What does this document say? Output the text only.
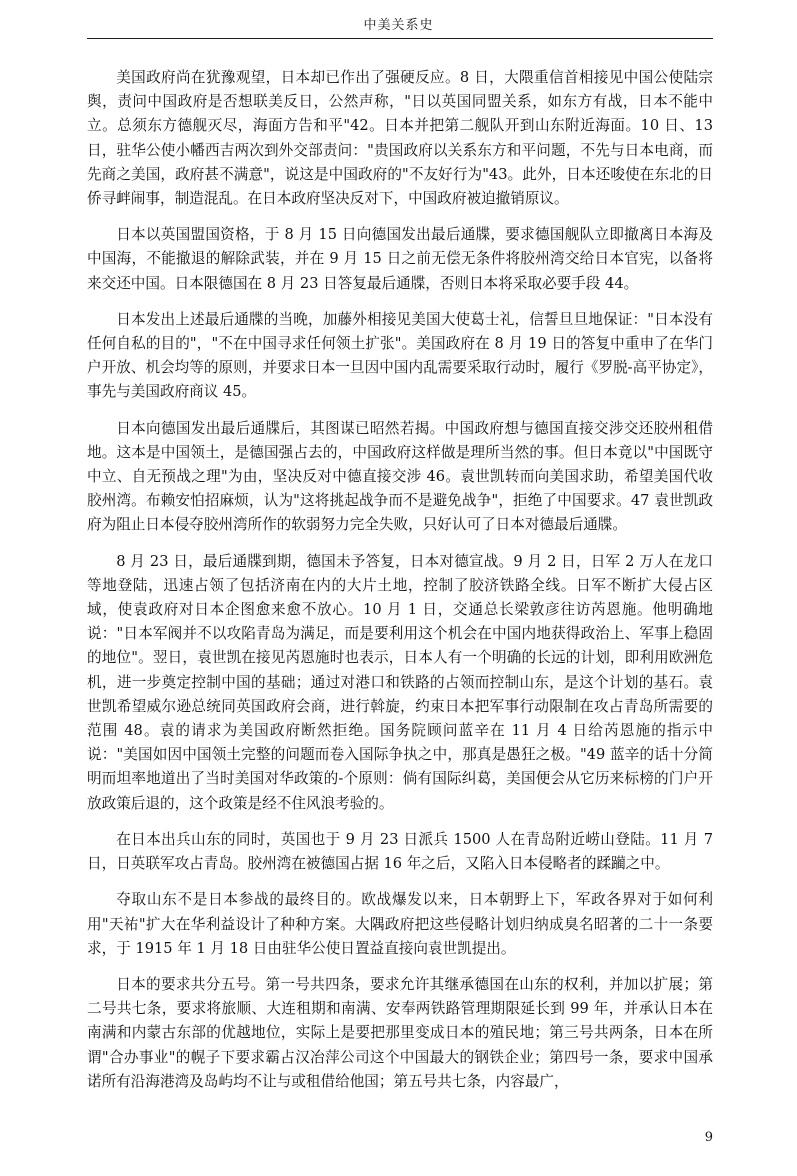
中美关系史

美国政府尚在犹豫观望，日本却已作出了强硬反应。8 日，大隈重信首相接见中国公使陆宗舆，责问中国政府是否想联美反日，公然声称，"日以英国同盟关系，如东方有战，日本不能中立。总须东方德舰灭尽，海面方告和平"42。日本并把第二舰队开到山东附近海面。10 日、13 日，驻华公使小幡西吉两次到外交部责问："贵国政府以关系东方和平问题，不先与日本电商，而先商之美国，政府甚不满意"，说这是中国政府的"不友好行为"43。此外，日本还唆使在东北的日侨寻衅闹事，制造混乱。在日本政府坚决反对下，中国政府被迫撤销原议。

日本以英国盟国资格，于 8 月 15 日向德国发出最后通牒，要求德国舰队立即撤离日本海及中国海，不能撤退的解除武装，并在 9 月 15 日之前无偿无条件将胶州湾交给日本官宪，以备将来交还中国。日本限德国在 8 月 23 日答复最后通牒，否则日本将采取必要手段 44。

日本发出上述最后通牒的当晚，加藤外相接见美国大使葛士礼，信誓旦旦地保证："日本没有任何自私的目的"，"不在中国寻求任何领土扩张"。美国政府在 8 月 19 日的答复中重申了在华门户开放、机会均等的原则，并要求日本一旦因中国内乱需要采取行动时，履行《罗脱-高平协定》，事先与美国政府商议 45。

日本向德国发出最后通牒后，其图谋已昭然若揭。中国政府想与德国直接交涉交还胶州租借地。这本是中国领土，是德国强占去的，中国政府这样做是理所当然的事。但日本竟以"中国既守中立、自无预战之理"为由，坚决反对中德直接交涉 46。袁世凯转而向美国求助，希望美国代收胶州湾。布赖安怕招麻烦，认为"这将挑起战争而不是避免战争"，拒绝了中国要求。47 袁世凯政府为阻止日本侵夺胶州湾所作的软弱努力完全失败，只好认可了日本对德最后通牒。

8 月 23 日，最后通牒到期，德国未予答复，日本对德宣战。9 月 2 日，日军 2 万人在龙口等地登陆，迅速占领了包括济南在内的大片土地，控制了胶济铁路全线。日军不断扩大侵占区域，使袁政府对日本企图愈来愈不放心。10 月 1 日，交通总长梁敦彦往访芮恩施。他明确地说："日本军阀并不以攻陷青岛为满足，而是要利用这个机会在中国内地获得政治上、军事上稳固的地位"。翌日，袁世凯在接见芮恩施时也表示，日本人有一个明确的长远的计划，即利用欧洲危机，进一步奠定控制中国的基础；通过对港口和铁路的占领而控制山东，是这个计划的基石。袁世凯希望威尔逊总统同英国政府会商，进行斡旋，约束日本把军事行动限制在攻占青岛所需要的范围 48。袁的请求为美国政府断然拒绝。国务院顾问蓝辛在 11 月 4 日给芮恩施的指示中说："美国如因中国领土完整的问题而卷入国际争执之中，那真是愚狂之极。"49 蓝辛的话十分简明而坦率地道出了当时美国对华政策的-个原则：倘有国际纠葛，美国便会从它历来标榜的门户开放政策后退的，这个政策是经不住风浪考验的。

在日本出兵山东的同时，英国也于 9 月 23 日派兵 1500 人在青岛附近崂山登陆。11 月 7 日，日英联军攻占青岛。胶州湾在被德国占据 16 年之后，又陷入日本侵略者的蹂躏之中。

夺取山东不是日本参战的最终目的。欧战爆发以来，日本朝野上下，军政各界对于如何利用"天祐"扩大在华利益设计了种种方案。大隅政府把这些侵略计划归纳成臭名昭著的二十一条要求，于 1915 年 1 月 18 日由驻华公使日置益直接向袁世凯提出。

日本的要求共分五号。第一号共四条，要求允许其继承德国在山东的权利，并加以扩展；第二号共七条，要求将旅顺、大连租期和南满、安奉两铁路管理期限延长到 99 年，并承认日本在南满和内蒙古东部的优越地位，实际上是要把那里变成日本的殖民地；第三号共两条，日本在所谓"合办事业"的幌子下要求霸占汉冶萍公司这个中国最大的钢铁企业；第四号一条，要求中国承诺所有沿海港湾及岛屿均不让与或租借给他国；第五号共七条，内容最广，

9
